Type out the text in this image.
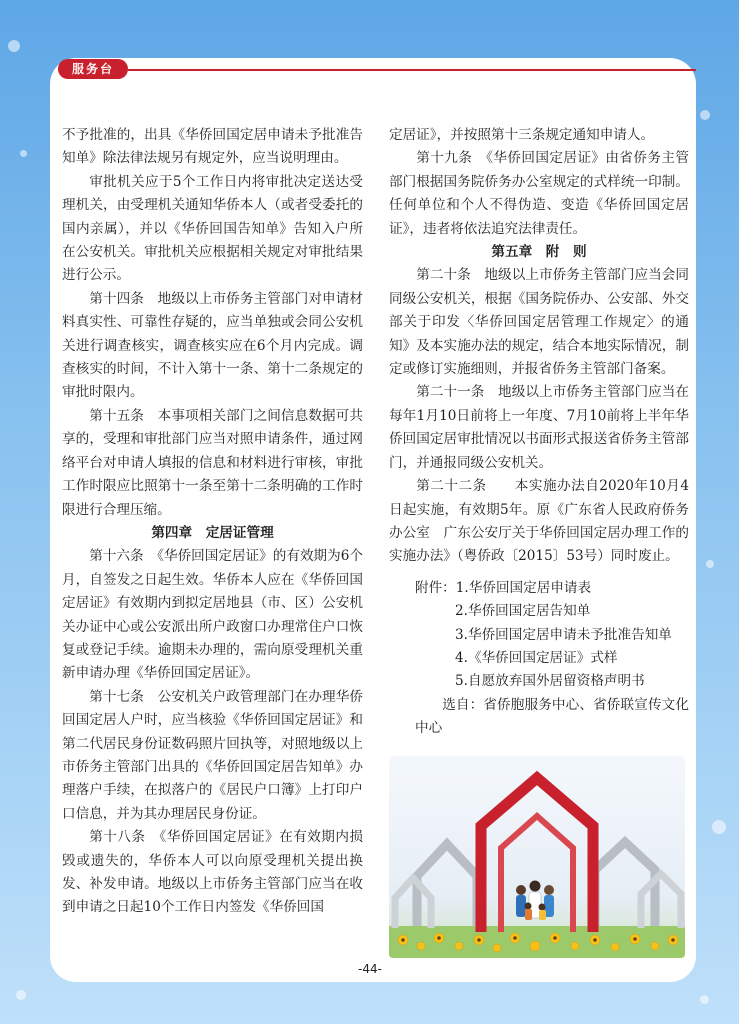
服务台

不予批准的，出具《华侨回国定居申请未予批准告知单》除法律法规另有规定外，应当说明理由。

审批机关应于5个工作日内将审批决定送达受理机关，由受理机关通知华侨本人（或者受委托的国内亲属），并以《华侨回国告知单》告知入户所在公安机关。审批机关应根据相关规定对审批结果进行公示。

第十四条　地级以上市侨务主管部门对申请材料真实性、可靠性存疑的，应当单独或会同公安机关进行调查核实，调查核实应在6个月内完成。调查核实的时间，不计入第十一条、第十二条规定的审批时限内。

第十五条　本事项相关部门之间信息数据可共享的，受理和审批部门应当对照申请条件，通过网络平台对申请人填报的信息和材料进行审核，审批工作时限应比照第十一条至第十二条明确的工作时限进行合理压缩。

第四章　定居证管理

第十六条　《华侨回国定居证》的有效期为6个月，自签发之日起生效。华侨本人应在《华侨回国定居证》有效期内到拟定居地县（市、区）公安机关办证中心或公安派出所户政窗口办理常住户口恢复或登记手续。逾期未办理的，需向原受理机关重新申请办理《华侨回国定居证》。

第十七条　公安机关户政管理部门在办理华侨回国定居人户时，应当核验《华侨回国定居证》和第二代居民身份证数码照片回执等，对照地级以上市侨务主管部门出具的《华侨回国定居告知单》办理落户手续，在拟落户的《居民户口簿》上打印户口信息，并为其办理居民身份证。

第十八条　《华侨回国定居证》在有效期内损毁或遗失的，华侨本人可以向原受理机关提出换发、补发申请。地级以上市侨务主管部门应当在收到申请之日起10个工作日内签发《华侨回国

定居证》，并按照第十三条规定通知申请人。

第十九条　《华侨回国定居证》由省侨务主管部门根据国务院侨务办公室规定的式样统一印制。任何单位和个人不得伪造、变造《华侨回国定居证》，违者将依法追究法律责任。

第五章　附　则

第二十条　地级以上市侨务主管部门应当会同同级公安机关，根据《国务院侨办、公安部、外交部关于印发〈华侨回国定居管理工作规定〉的通知》及本实施办法的规定，结合本地实际情况，制定或修订实施细则，并报省侨务主管部门备案。

第二十一条　地级以上市侨务主管部门应当在每年1月10日前将上一年度、7月10前将上半年华侨回国定居审批情况以书面形式报送省侨务主管部门，并通报同级公安机关。

第二十二条　　本实施办法自2020年10月4日起实施，有效期5年。原《广东省人民政府侨务办公室　广东公安厅关于华侨回国定居办理工作的实施办法》（粤侨政〔2015〕53号）同时废止。

附件：1.华侨回国定居申请表
2.华侨回国定居告知单
3.华侨回国定居申请未予批准告知单
4.《华侨回国定居证》式样
5.自愿放弃国外居留资格声明书

选自：省侨胞服务中心、省侨联宣传文化中心

-44-
